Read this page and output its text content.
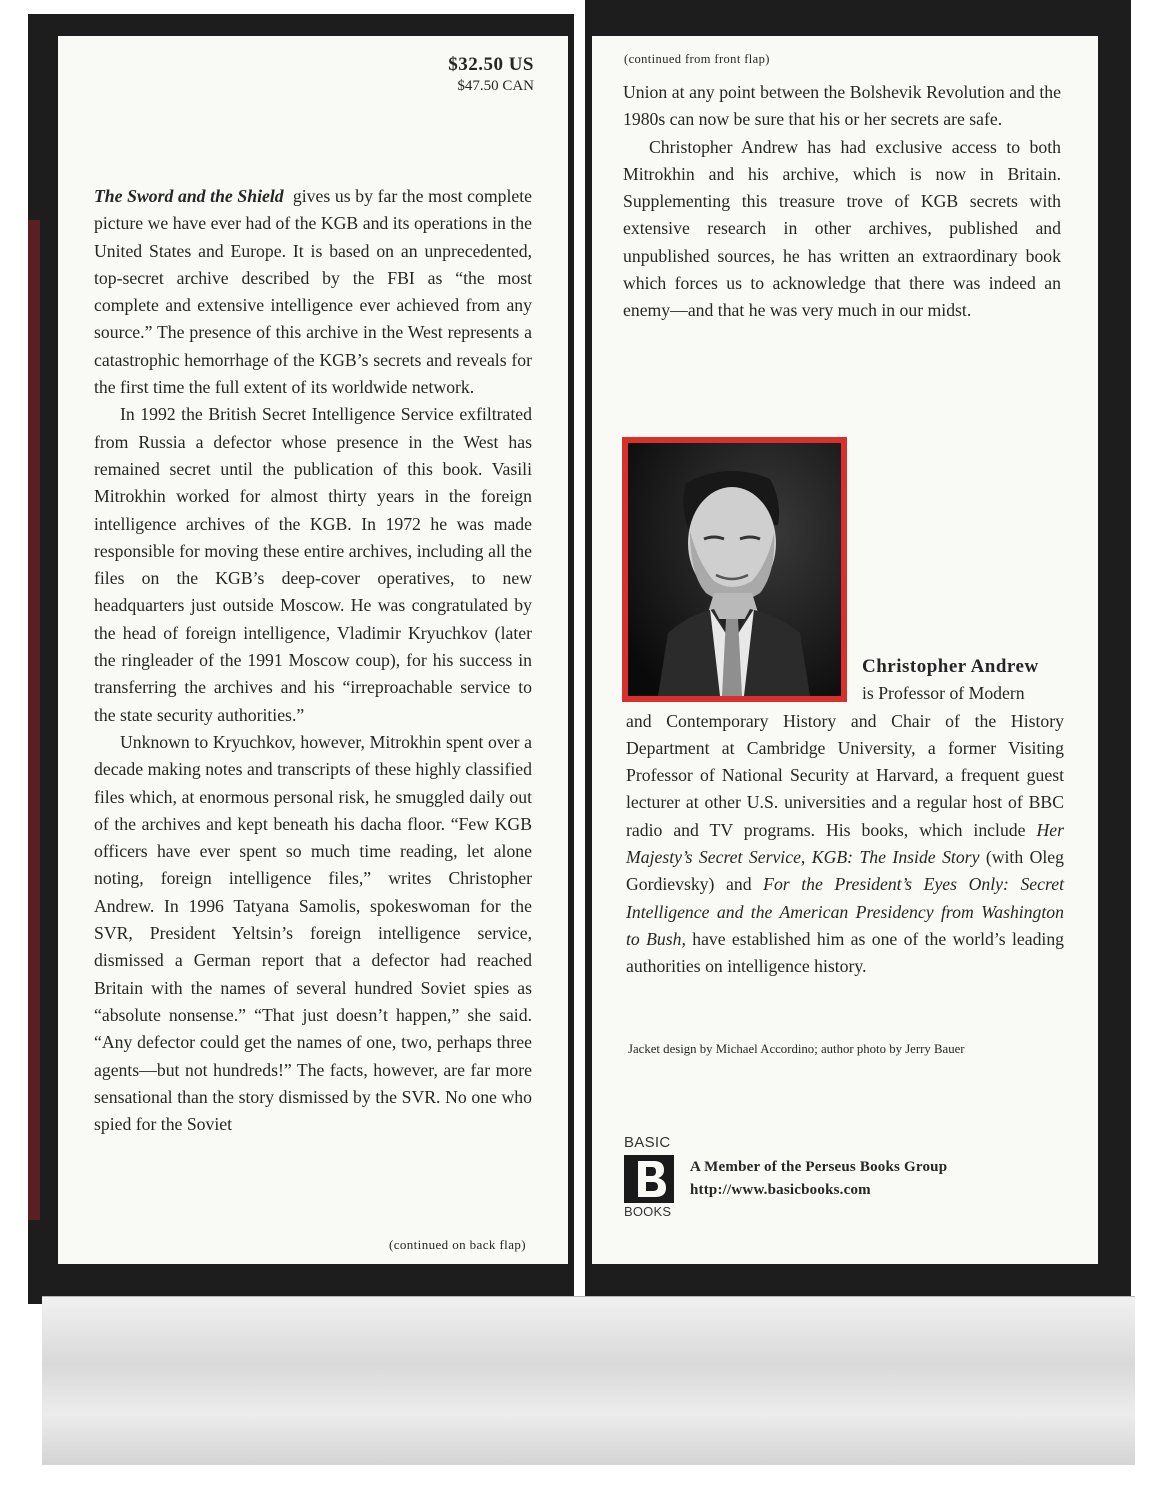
$32.50 US
$47.50 CAN

The Sword and the Shield gives us by far the most complete picture we have ever had of the KGB and its operations in the United States and Europe. It is based on an unprecedented, top-secret archive described by the FBI as “the most complete and extensive intelligence ever achieved from any source.” The presence of this archive in the West represents a catastrophic hemorrhage of the KGB’s secrets and reveals for the first time the full extent of its worldwide network.

In 1992 the British Secret Intelligence Service exfiltrated from Russia a defector whose presence in the West has remained secret until the publication of this book. Vasili Mitrokhin worked for almost thirty years in the foreign intelligence archives of the KGB. In 1972 he was made responsible for moving these entire archives, including all the files on the KGB’s deep-cover operatives, to new headquarters just outside Moscow. He was congratulated by the head of foreign intelligence, Vladimir Kryuchkov (later the ringleader of the 1991 Moscow coup), for his success in transferring the archives and his “irreproachable service to the state security authorities.”

Unknown to Kryuchkov, however, Mitrokhin spent over a decade making notes and transcripts of these highly classified files which, at enormous personal risk, he smuggled daily out of the archives and kept beneath his dacha floor. “Few KGB officers have ever spent so much time reading, let alone noting, foreign intelligence files,” writes Christopher Andrew. In 1996 Tatyana Samolis, spokeswoman for the SVR, President Yeltsin’s foreign intelligence service, dismissed a German report that a defector had reached Britain with the names of several hundred Soviet spies as “absolute nonsense.” “That just doesn’t happen,” she said. “Any defector could get the names of one, two, perhaps three agents—but not hundreds!” The facts, however, are far more sensational than the story dismissed by the SVR. No one who spied for the Soviet

(continued on back flap)
(continued from front flap)

Union at any point between the Bolshevik Revolution and the 1980s can now be sure that his or her secrets are safe.

Christopher Andrew has had exclusive access to both Mitrokhin and his archive, which is now in Britain. Supplementing this treasure trove of KGB secrets with extensive research in other archives, published and unpublished sources, he has written an extraordinary book which forces us to acknowledge that there was indeed an enemy—and that he was very much in our midst.

Christopher Andrew
is Professor of Modern

and Contemporary History and Chair of the History Department at Cambridge University, a former Visiting Professor of National Security at Harvard, a frequent guest lecturer at other U.S. universities and a regular host of BBC radio and TV programs. His books, which include Her Majesty’s Secret Service, KGB: The Inside Story (with Oleg Gordievsky) and For the President’s Eyes Only: Secret Intelligence and the American Presidency from Washington to Bush, have established him as one of the world’s leading authorities on intelligence history.

Jacket design by Michael Accordino; author photo by Jerry Bauer
BASIC
BOOKS
A Member of the Perseus Books Group
http://www.basicbooks.com
